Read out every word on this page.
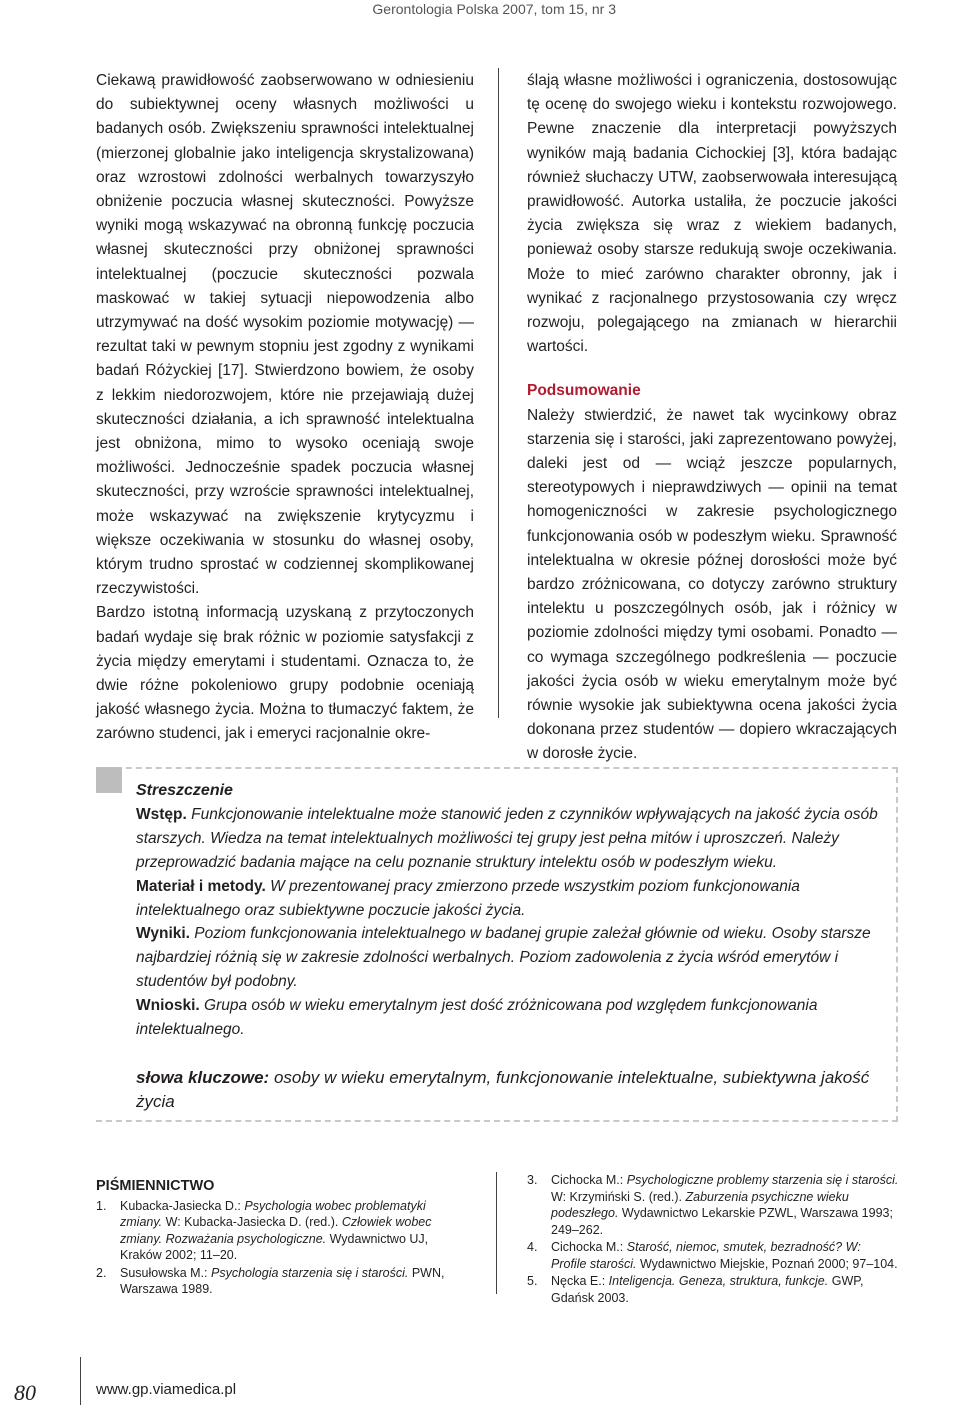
Gerontologia Polska 2007, tom 15, nr 3

Ciekawą prawidłowość zaobserwowano w odniesieniu do subiektywnej oceny własnych możliwości u badanych osób. Zwiększeniu sprawności intelektualnej (mierzonej globalnie jako inteligencja skrystalizowana) oraz wzrostowi zdolności werbalnych towarzyszyło obniżenie poczucia własnej skuteczności. Powyższe wyniki mogą wskazywać na obronną funkcję poczucia własnej skuteczności przy obniżonej sprawności intelektualnej (poczucie skuteczności pozwala maskować w takiej sytuacji niepowodzenia albo utrzymywać na dość wysokim poziomie motywację) — rezultat taki w pewnym stopniu jest zgodny z wynikami badań Różyckiej [17]. Stwierdzono bowiem, że osoby z lekkim niedorozwojem, które nie przejawiają dużej skuteczności działania, a ich sprawność intelektualna jest obniżona, mimo to wysoko oceniają swoje możliwości. Jednocześnie spadek poczucia własnej skuteczności, przy wzroście sprawności intelektualnej, może wskazywać na zwiększenie krytycyzmu i większe oczekiwania w stosunku do własnej osoby, którym trudno sprostać w codziennej skomplikowanej rzeczywistości.

Bardzo istotną informacją uzyskaną z przytoczonych badań wydaje się brak różnic w poziomie satysfakcji z życia między emerytami i studentami. Oznacza to, że dwie różne pokoleniowo grupy podobnie oceniają jakość własnego życia. Można to tłumaczyć faktem, że zarówno studenci, jak i emeryci racjonalnie okre-

ślają własne możliwości i ograniczenia, dostosowując tę ocenę do swojego wieku i kontekstu rozwojowego. Pewne znaczenie dla interpretacji powyższych wyników mają badania Cichockiej [3], która badając również słuchaczy UTW, zaobserwowała interesującą prawidłowość. Autorka ustaliła, że poczucie jakości życia zwiększa się wraz z wiekiem badanych, ponieważ osoby starsze redukują swoje oczekiwania. Może to mieć zarówno charakter obronny, jak i wynikać z racjonalnego przystosowania czy wręcz rozwoju, polegającego na zmianach w hierarchii wartości.

Podsumowanie

Należy stwierdzić, że nawet tak wycinkowy obraz starzenia się i starości, jaki zaprezentowano powyżej, daleki jest od — wciąż jeszcze popularnych, stereotypowych i nieprawdziwych — opinii na temat homogeniczności w zakresie psychologicznego funkcjonowania osób w podeszłym wieku. Sprawność intelektualna w okresie późnej dorosłości może być bardzo zróżnicowana, co dotyczy zarówno struktury intelektu u poszczególnych osób, jak i różnicy w poziomie zdolności między tymi osobami. Ponadto — co wymaga szczególnego podkreślenia — poczucie jakości życia osób w wieku emerytalnym może być równie wysokie jak subiektywna ocena jakości życia dokonana przez studentów — dopiero wkraczających w dorosłe życie.

Streszczenie

Wstęp. Funkcjonowanie intelektualne może stanowić jeden z czynników wpływających na jakość życia osób starszych. Wiedza na temat intelektualnych możliwości tej grupy jest pełna mitów i uproszczeń. Należy przeprowadzić badania mające na celu poznanie struktury intelektu osób w podeszłym wieku.

Materiał i metody. W prezentowanej pracy zmierzono przede wszystkim poziom funkcjonowania intelektualnego oraz subiektywne poczucie jakości życia.

Wyniki. Poziom funkcjonowania intelektualnego w badanej grupie zależał głównie od wieku. Osoby starsze najbardziej różnią się w zakresie zdolności werbalnych. Poziom zadowolenia z życia wśród emerytów i studentów był podobny.

Wnioski. Grupa osób w wieku emerytalnym jest dość zróżnicowana pod względem funkcjonowania intelektualnego.

słowa kluczowe: osoby w wieku emerytalnym, funkcjonowanie intelektualne, subiektywna jakość życia

PIŚMIENNICTWO
1.	Kubacka-Jasiecka D.: Psychologia wobec problematyki zmiany. W: Kubacka-Jasiecka D. (red.). Człowiek wobec zmiany. Rozważania psychologiczne. Wydawnictwo UJ, Kraków 2002; 11–20.
2.	Susułowska M.: Psychologia starzenia się i starości. PWN, Warszawa 1989.
3.	Cichocka M.: Psychologiczne problemy starzenia się i starości. W: Krzymiński S. (red.). Zaburzenia psychiczne wieku podeszłego. Wydawnictwo Lekarskie PZWL, Warszawa 1993; 249–262.
4.	Cichocka M.: Starość, niemoc, smutek, bezradność? W: Profile starości. Wydawnictwo Miejskie, Poznań 2000; 97–104.
5.	Nęcka E.: Inteligencja. Geneza, struktura, funkcje. GWP, Gdańsk 2003.
80	www.gp.viamedica.pl
